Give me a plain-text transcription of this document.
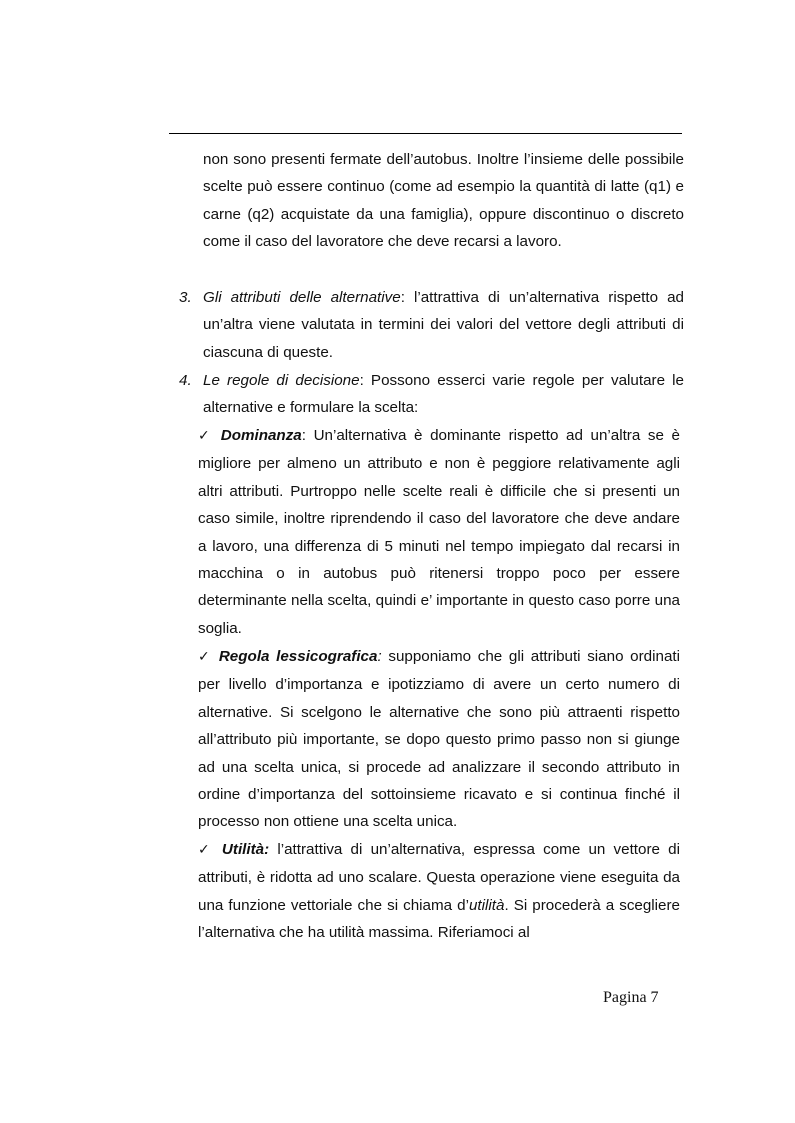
non sono presenti fermate dell’autobus. Inoltre l’insieme delle possibile scelte può essere continuo (come ad esempio la quantità di latte (q1) e carne (q2) acquistate da una famiglia), oppure discontinuo o discreto come il caso del lavoratore che deve recarsi a lavoro.
3. Gli attributi delle alternative: l’attrattiva di un’alternativa rispetto ad un’altra viene valutata in termini dei valori del vettore degli attributi di ciascuna di queste.
4. Le regole di decisione: Possono esserci varie regole per valutare le alternative e formulare la scelta:
✓ Dominanza: Un’alternativa è dominante rispetto ad un’altra se è migliore per almeno un attributo e non è peggiore relativamente agli altri attributi. Purtroppo nelle scelte reali è difficile che si presenti un caso simile, inoltre riprendendo il caso del lavoratore che deve andare a lavoro, una differenza di 5 minuti nel tempo impiegato dal recarsi in macchina o in autobus può ritenersi troppo poco per essere determinante nella scelta, quindi e’ importante in questo caso porre una soglia.
✓ Regola lessicografica: supponiamo che gli attributi siano ordinati per livello d’importanza e ipotizziamo di avere un certo numero di alternative. Si scelgono le alternative che sono più attraenti rispetto all’attributo più importante, se dopo questo primo passo non si giunge ad una scelta unica, si procede ad analizzare il secondo attributo in ordine d’importanza del sottoinsieme ricavato e si continua finché il processo non ottiene una scelta unica.
✓ Utilità: l’attrattiva di un’alternativa, espressa come un vettore di attributi, è ridotta ad uno scalare. Questa operazione viene eseguita da una funzione vettoriale che si chiama d’utilità. Si procederà a scegliere l’alternativa che ha utilità massima. Riferiamoci al
Pagina 7
